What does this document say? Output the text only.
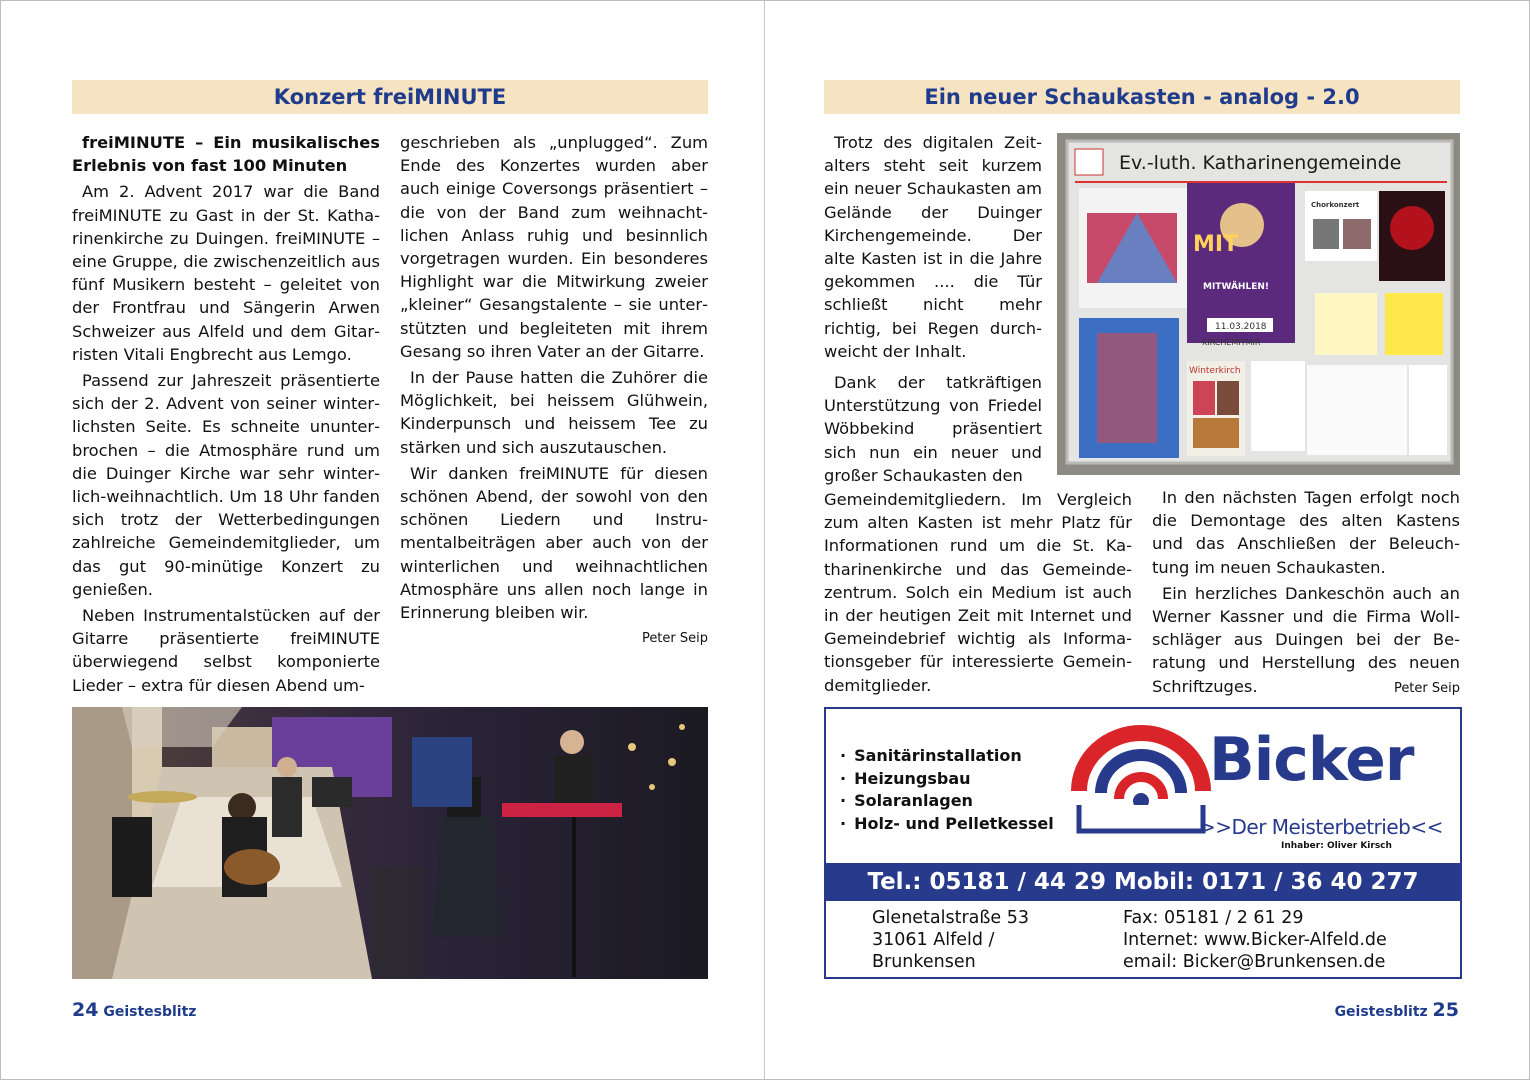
Konzert freiMINUTE

freiMINUTE – Ein musikalisches Erlebnis von fast 100 Minuten

Am 2. Advent 2017 war die Band freiMINUTE zu Gast in der St. Katharinenkirche zu Duingen. freiMINUTE – eine Gruppe, die zwischenzeitlich aus fünf Musikern besteht – geleitet von der Frontfrau und Sängerin Arwen Schweizer aus Alfeld und dem Gitarristen Vitali Engbrecht aus Lemgo.

Passend zur Jahreszeit präsentierte sich der 2. Advent von seiner winterlichsten Seite. Es schneite ununterbrochen – die Atmosphäre rund um die Duinger Kirche war sehr winterlich-weihnachtlich. Um 18 Uhr fanden sich trotz der Wetterbedingungen zahlreiche Gemeindemitglieder, um das gut 90-minütige Konzert zu genießen.

Neben Instrumentalstücken auf der Gitarre präsentierte freiMINUTE überwiegend selbst komponierte Lieder – extra für diesen Abend um-

geschrieben als „unplugged“. Zum Ende des Konzertes wurden aber auch einige Coversongs präsentiert – die von der Band zum weihnachtlichen Anlass ruhig und besinnlich vorgetragen wurden. Ein besonderes Highlight war die Mitwirkung zweier „kleiner“ Gesangstalente – sie unterstützten und begleiteten mit ihrem Gesang so ihren Vater an der Gitarre.

In der Pause hatten die Zuhörer die Möglichkeit, bei heissem Glühwein, Kinderpunsch und heissem Tee zu stärken und sich auszutauschen.

Wir danken freiMINUTE für diesen schönen Abend, der sowohl von den schönen Liedern und Instrumentalbeiträgen aber auch von der winterlichen und weihnachtlichen Atmosphäre uns allen noch lange in Erinnerung bleiben wir.

Peter Seip
24 Geistesblitz
Ein neuer Schaukasten - analog - 2.0

Trotz des digitalen Zeitalters steht seit kurzem ein neuer Schaukasten am Gelände der Duinger Kirchengemeinde. Der alte Kasten ist in die Jahre gekommen .... die Tür schließt nicht mehr richtig, bei Regen durchweicht der Inhalt.

Dank der tatkräftigen Unterstützung von Friedel Wöbbekind präsentiert sich nun ein neuer und großer Schaukasten den

Gemeindemitgliedern. Im Vergleich zum alten Kasten ist mehr Platz für Informationen rund um die St. Katharinenkirche und das Gemeindezentrum. Solch ein Medium ist auch in der heutigen Zeit mit Internet und Gemeindebrief wichtig als Informationsgeber für interessierte Gemeindemitglieder.

In den nächsten Tagen erfolgt noch die Demontage des alten Kastens und das Anschließen der Beleuchtung im neuen Schaukasten.

Ein herzliches Dankeschön auch an Werner Kassner und die Firma Wollschläger aus Duingen bei der Beratung und Herstellung des neuen Schriftzuges.	Peter Seip
Ev.-luth. Katharinengemeinde
MIT
MITWÄHLEN!
11.03.2018
KIRCHEMITMIR
Winterkirch
Chorkonzert
· Sanitärinstallation
· Heizungsbau
· Solaranlagen
· Holz- und Pelletkessel
Bicker
>>Der Meisterbetrieb<<
Inhaber: Oliver Kirsch
Tel.: 05181 / 44 29 Mobil: 0171 / 36 40 277
Glenetalstraße 53
31061 Alfeld /
Brunkensen
Fax: 05181 / 2 61 29
Internet: www.Bicker-Alfeld.de
email: Bicker@Brunkensen.de
Geistesblitz 25
